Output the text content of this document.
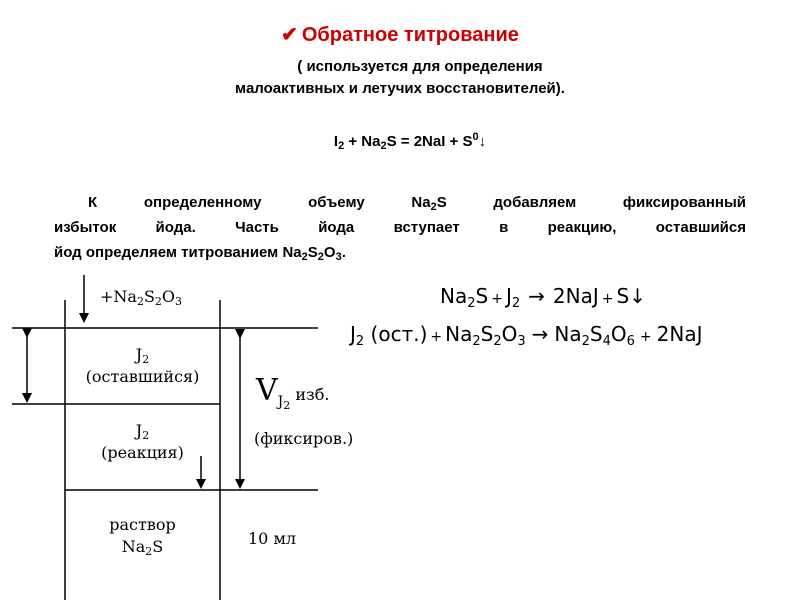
✔ Обратное титрование
( используется для определения
малоактивных и летучих восстановителей).
$I_2 + Na_2S = 2NaI$ + $S^0↓$
К определенному объему $Na_2S$ добавляем фиксированный
избыток йода. Часть йода вступает в реакцию, оставшийся
йод определяем титрованием $Na_2S_2O_3$.
$+Na_2S_2O_3$
$J_2$
(оставшийся)
$J_2$
(реакция)
раствор
$Na_2S$
$V_{J_2}$ изб.
(фиксиров.)
10 мл
$Na_2S + J_2 \to 2NaJ$ + S↓
$J_2$ $(ост.) + Na_2S_2O_3 \to Na_2S_4O_6 + 2NaJ$
